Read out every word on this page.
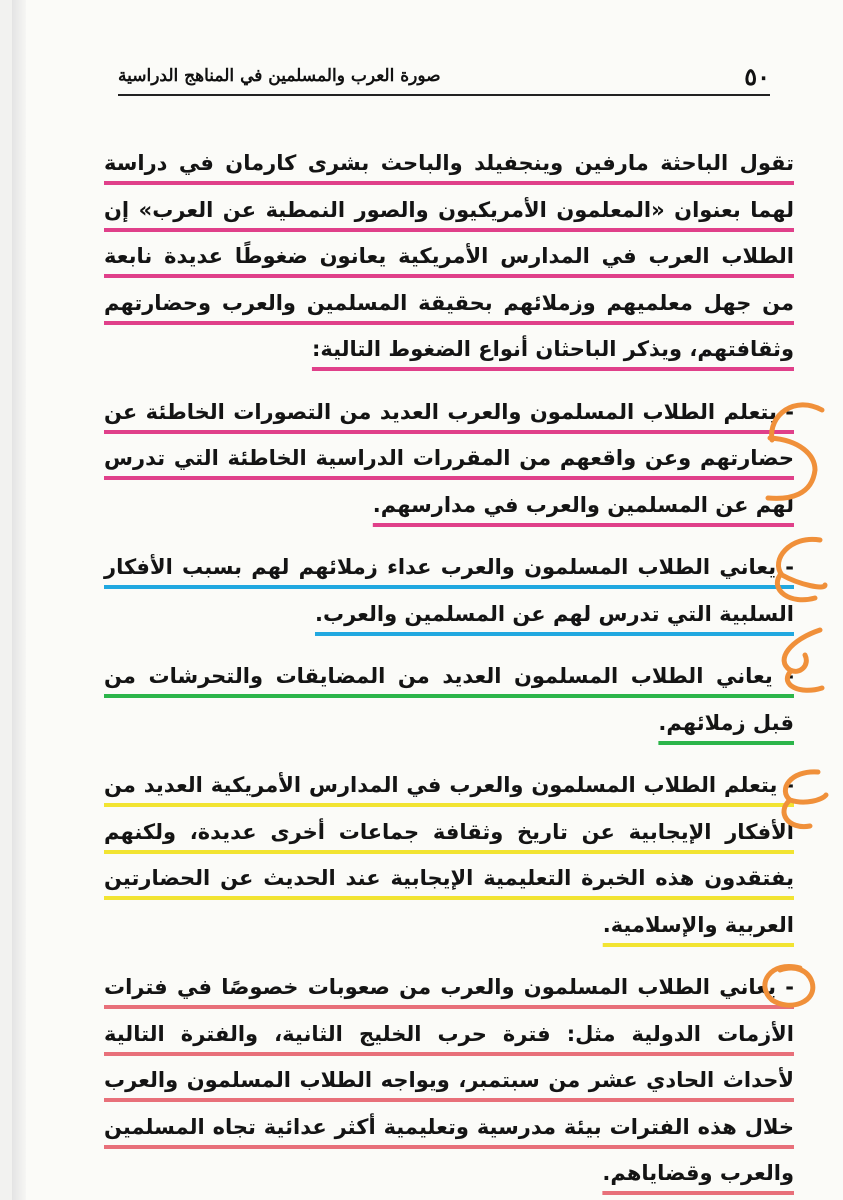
٥٠
صورة العرب والمسلمين في المناهج الدراسية

تقول الباحثة مارفين وينجفيلد والباحث بشرى كارمان في دراسة لهما بعنوان «المعلمون الأمريكيون والصور النمطية عن العرب» إن الطلاب العرب في المدارس الأمريكية يعانون ضغوطًا عديدة نابعة من جهل معلميهم وزملائهم بحقيقة المسلمين والعرب وحضارتهم وثقافتهم، ويذكر الباحثان أنواع الضغوط التالية:

- يتعلم الطلاب المسلمون والعرب العديد من التصورات الخاطئة عن حضارتهم وعن واقعهم من المقررات الدراسية الخاطئة التي تدرس لهم عن المسلمين والعرب في مدارسهم.

- يعاني الطلاب المسلمون والعرب عداء زملائهم لهم بسبب الأفكار السلبية التي تدرس لهم عن المسلمين والعرب.

- يعاني الطلاب المسلمون العديد من المضايقات والتحرشات من قبل زملائهم.

- يتعلم الطلاب المسلمون والعرب في المدارس الأمريكية العديد من الأفكار الإيجابية عن تاريخ وثقافة جماعات أخرى عديدة، ولكنهم يفتقدون هذه الخبرة التعليمية الإيجابية عند الحديث عن الحضارتين العربية والإسلامية.

- يعاني الطلاب المسلمون والعرب من صعوبات خصوصًا في فترات الأزمات الدولية مثل: فترة حرب الخليج الثانية، والفترة التالية لأحداث الحادي عشر من سبتمبر، ويواجه الطلاب المسلمون والعرب خلال هذه الفترات بيئة مدرسية وتعليمية أكثر عدائية تجاه المسلمين والعرب وقضاياهم.
